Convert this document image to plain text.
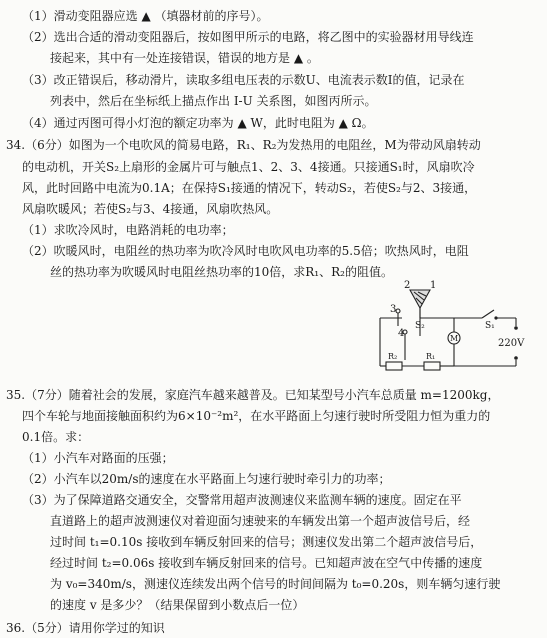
（1）滑动变阻器应选 ▲ （填器材前的序号）。
（2）选出合适的滑动变阻器后，按如图甲所示的电路，将乙图中的实验器材用导线连
接起来，其中有一处连接错误，错误的地方是 ▲ 。
（3）改正错误后，移动滑片，读取多组电压表的示数U、电流表示数I的值，记录在
列表中，然后在坐标纸上描点作出 I-U 关系图，如图丙所示。
（4）通过丙图可得小灯泡的额定功率为 ▲ W，此时电阻为 ▲ Ω。
34.（6分）如图为一个电吹风的简易电路，R₁、R₂为发热用的电阻丝，M为带动风扇转动
的电动机，开关S₂上扇形的金属片可与触点1、2、3、4接通。只接通S₁时，风扇吹冷
风，此时回路中电流为0.1A；在保持S₁接通的情况下，转动S₂，若使S₂与2、3接通，
风扇吹暖风；若使S₂与3、4接通，风扇吹热风。
（1）求吹冷风时，电路消耗的电功率；
（2）吹暖风时，电阻丝的热功率为吹冷风时电吹风电功率的5.5倍；吹热风时，电阻
丝的热功率为吹暖风时电阻丝热功率的10倍，求R₁、R₂的阻值。
2 1
3
4
S₂
M
S₁
220V
R₂	R₁
35.（7分）随着社会的发展，家庭汽车越来越普及。已知某型号小汽车总质量 m=1200kg，
四个车轮与地面接触面积约为6×10⁻²m²，在水平路面上匀速行驶时所受阻力恒为重力的
0.1倍。求：
（1）小汽车对路面的压强；
（2）小汽车以20m/s的速度在水平路面上匀速行驶时牵引力的功率；
（3）为了保障道路交通安全，交警常用超声波测速仪来监测车辆的速度。固定在平
直道路上的超声波测速仪对着迎面匀速驶来的车辆发出第一个超声波信号后，经
过时间 t₁=0.10s 接收到车辆反射回来的信号；测速仪发出第二个超声波信号后，
经过时间 t₂=0.06s 接收到车辆反射回来的信号。已知超声波在空气中传播的速度
为 v₀=340m/s，测速仪连续发出两个信号的时间间隔为 t₀=0.20s，则车辆匀速行驶
的速度 v 是多少？（结果保留到小数点后一位）
36.（5分）请用你学过的知识
